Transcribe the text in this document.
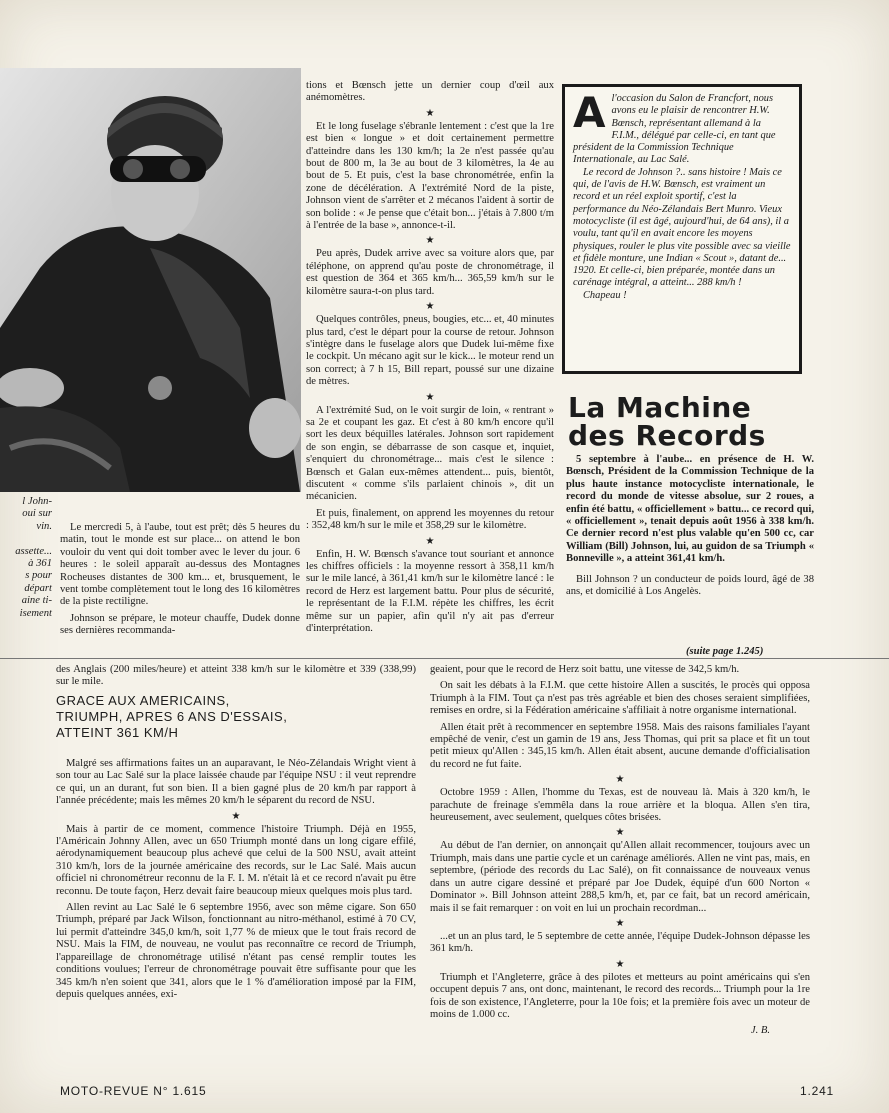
l John-
oui sur
vin.

assette...
à 361
s pour
départ
aine ti-
isement

Le mercredi 5, à l'aube, tout est prêt; dès 5 heures du matin, tout le monde est sur place... on attend le bon vouloir du vent qui doit tomber avec le lever du jour. 6 heures : le soleil apparaît au-dessus des Montagnes Rocheuses distantes de 300 km... et, brusquement, le vent tombe complètement tout le long des 16 kilomètres de la piste rectiligne.

Johnson se prépare, le moteur chauffe, Dudek donne ses dernières recommanda-

tions et Bœnsch jette un dernier coup d'œil aux anémomètres.

★

Et le long fuselage s'ébranle lentement : c'est que la 1re est bien « longue » et doit certainement permettre d'atteindre dans les 130 km/h; la 2e n'est passée qu'au bout de 800 m, la 3e au bout de 3 kilomètres, la 4e au bout de 5. Et puis, c'est la base chronométrée, enfin la zone de décélération. A l'extrémité Nord de la piste, Johnson vient de s'arrêter et 2 mécanos l'aident à sortir de son bolide : « Je pense que c'était bon... j'étais à 7.800 t/m à l'entrée de la base », annonce-t-il.

★

Peu après, Dudek arrive avec sa voiture alors que, par téléphone, on apprend qu'au poste de chronométrage, il est question de 364 et 365 km/h... 365,59 km/h sur le kilomètre saura-t-on plus tard.

★

Quelques contrôles, pneus, bougies, etc... et, 40 minutes plus tard, c'est le départ pour la course de retour. Johnson s'intègre dans le fuselage alors que Dudek lui-même fixe le cockpit. Un mécano agit sur le kick... le moteur rend un son correct; à 7 h 15, Bill repart, poussé sur une dizaine de mètres.

★

A l'extrémité Sud, on le voit surgir de loin, « rentrant » sa 2e et coupant les gaz. Et c'est à 80 km/h encore qu'il sort les deux béquilles latérales. Johnson sort rapidement de son engin, se débarrasse de son casque et, inquiet, s'enquiert du chronométrage... mais c'est le silence : Bœnsch et Galan eux-mêmes attendent... puis, bientôt, discutent « comme s'ils parlaient chinois », dit un mécanicien.

Et puis, finalement, on apprend les moyennes du retour : 352,48 km/h sur le mile et 358,29 sur le kilomètre.

★

Enfin, H. W. Bœnsch s'avance tout souriant et annonce les chiffres officiels : la moyenne ressort à 358,11 km/h sur le mile lancé, à 361,41 km/h sur le kilomètre lancé : le record de Herz est largement battu. Pour plus de sécurité, le représentant de la F.I.M. répète les chiffres, les écrit même sur un papier, afin qu'il n'y ait pas d'erreur d'interprétation.

A l'occasion du Salon de Francfort, nous avons eu le plaisir de rencontrer H.W. Bœnsch, représentant allemand à la F.I.M., délégué par celle-ci, en tant que président de la Commission Technique Internationale, au Lac Salé.

Le record de Johnson ?.. sans histoire ! Mais ce qui, de l'avis de H.W. Bœnsch, est vraiment un record et un réel exploit sportif, c'est la performance du Néo-Zélandais Bert Munro. Vieux motocycliste (il est âgé, aujourd'hui, de 64 ans), il a voulu, tant qu'il en avait encore les moyens physiques, rouler le plus vite possible avec sa vieille et fidèle monture, une Indian « Scout », datant de... 1920. Et celle-ci, bien préparée, montée dans un carénage intégral, a atteint... 288 km/h !

Chapeau !

La Machine
des Records

5 septembre à l'aube... en présence de H. W. Bœnsch, Président de la Commission Technique de la plus haute instance motocycliste internationale, le record du monde de vitesse absolue, sur 2 roues, a enfin été battu, « officiellement » battu... ce record qui, « officiellement », tenait depuis août 1956 à 338 km/h. Ce dernier record n'est plus valable qu'en 500 cc, car William (Bill) Johnson, lui, au guidon de sa Triumph « Bonneville », a atteint 361,41 km/h.

Bill Johnson ? un conducteur de poids lourd, âgé de 38 ans, et domicilié à Los Angelès.

(suite page 1.245)

des Anglais (200 miles/heure) et atteint 338 km/h sur le kilomètre et 339 (338,99) sur le mile.

GRACE AUX AMERICAINS,
TRIUMPH, APRES 6 ANS D'ESSAIS,
ATTEINT 361 KM/H

Malgré ses affirmations faites un an auparavant, le Néo-Zélandais Wright vient à son tour au Lac Salé sur la place laissée chaude par l'équipe NSU : il veut reprendre ce qui, un an durant, fut son bien. Il a bien gagné plus de 20 km/h par rapport à l'année précédente; mais les mêmes 20 km/h le séparent du record de NSU.

★

Mais à partir de ce moment, commence l'histoire Triumph. Déjà en 1955, l'Américain Johnny Allen, avec un 650 Triumph monté dans un long cigare effilé, aérodynamiquement beaucoup plus achevé que celui de la 500 NSU, avait atteint 310 km/h, lors de la journée américaine des records, sur le Lac Salé. Mais aucun officiel ni chronométreur reconnu de la F. I. M. n'était là et ce record n'avait pu être reconnu. De toute façon, Herz devait faire beaucoup mieux quelques mois plus tard.

Allen revint au Lac Salé le 6 septembre 1956, avec son même cigare. Son 650 Triumph, préparé par Jack Wilson, fonctionnant au nitro-méthanol, estimé à 70 CV, lui permit d'atteindre 345,0 km/h, soit 1,77 % de mieux que le tout frais record de NSU. Mais la FIM, de nouveau, ne voulut pas reconnaître ce record de Triumph, l'appareillage de chronométrage utilisé n'étant pas censé remplir toutes les conditions voulues; l'erreur de chronométrage pouvait être suffisante pour que les 345 km/h n'en soient que 341, alors que le 1 % d'amélioration imposé par la FIM, depuis quelques années, exi-

geaient, pour que le record de Herz soit battu, une vitesse de 342,5 km/h.

On sait les débats à la F.I.M. que cette histoire Allen a suscités, le procès qui opposa Triumph à la FIM. Tout ça n'est pas très agréable et bien des choses seraient simplifiées, remises en ordre, si la Fédération américaine s'affiliait à notre organisme international.

Allen était prêt à recommencer en septembre 1958. Mais des raisons familiales l'ayant empêché de venir, c'est un gamin de 19 ans, Jess Thomas, qui prit sa place et fit un tout petit mieux qu'Allen : 345,15 km/h. Allen était absent, aucune demande d'officialisation du record ne fut faite.

★

Octobre 1959 : Allen, l'homme du Texas, est de nouveau là. Mais à 320 km/h, le parachute de freinage s'emmêla dans la roue arrière et la bloqua. Allen s'en tira, heureusement, avec seulement, quelques côtes brisées.

★

Au début de l'an dernier, on annonçait qu'Allen allait recommencer, toujours avec un Triumph, mais dans une partie cycle et un carénage améliorés. Allen ne vint pas, mais, en septembre, (période des records du Lac Salé), on fit connaissance de nouveaux venus dans un autre cigare dessiné et préparé par Joe Dudek, équipé d'un 600 Norton « Dominator ». Bill Johnson atteint 288,5 km/h, et, par ce fait, bat un record américain, mais il se fait remarquer : on voit en lui un prochain recordman...

★

...et un an plus tard, le 5 septembre de cette année, l'équipe Dudek-Johnson dépasse les 361 km/h.

★

Triumph et l'Angleterre, grâce à des pilotes et metteurs au point américains qui s'en occupent depuis 7 ans, ont donc, maintenant, le record des records... Triumph pour la 1re fois de son existence, l'Angleterre, pour la 10e fois; et la première fois avec un moteur de moins de 1.000 cc.

J. B.
MOTO-REVUE N° 1.615	1.241
